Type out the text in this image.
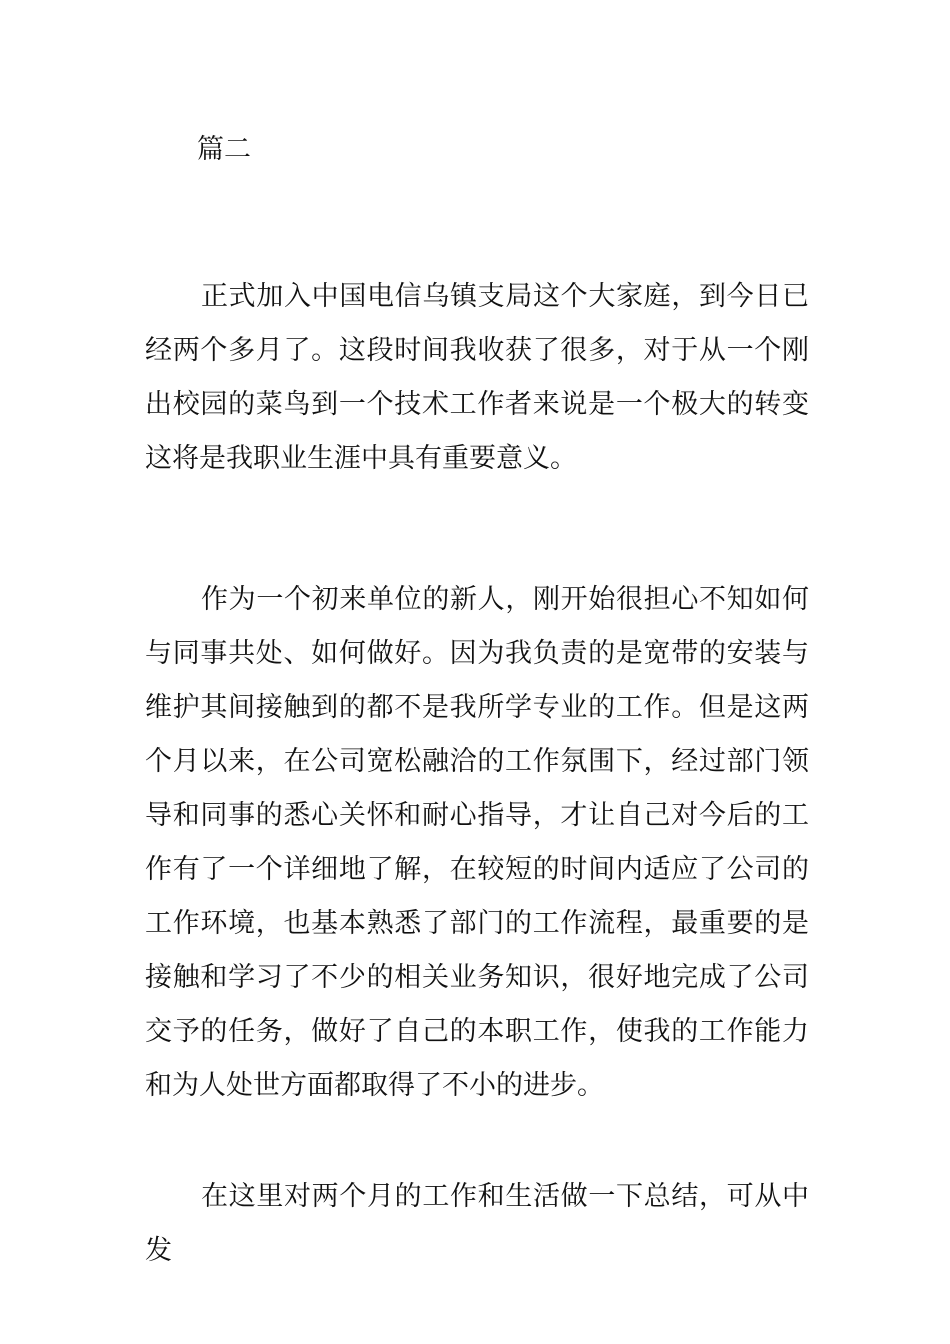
篇二

正式加入中国电信乌镇支局这个大家庭，到今日已经两个多月了。这段时间我收获了很多，对于从一个刚出校园的菜鸟到一个技术工作者来说是一个极大的转变这将是我职业生涯中具有重要意义。

作为一个初来单位的新人，刚开始很担心不知如何与同事共处、如何做好。因为我负责的是宽带的安装与维护其间接触到的都不是我所学专业的工作。但是这两个月以来，在公司宽松融洽的工作氛围下，经过部门领导和同事的悉心关怀和耐心指导，才让自己对今后的工作有了一个详细地了解，在较短的时间内适应了公司的工作环境，也基本熟悉了部门的工作流程，最重要的是接触和学习了不少的相关业务知识，很好地完成了公司交予的任务，做好了自己的本职工作，使我的工作能力和为人处世方面都取得了不小的进步。

在这里对两个月的工作和生活做一下总结，可从中发
